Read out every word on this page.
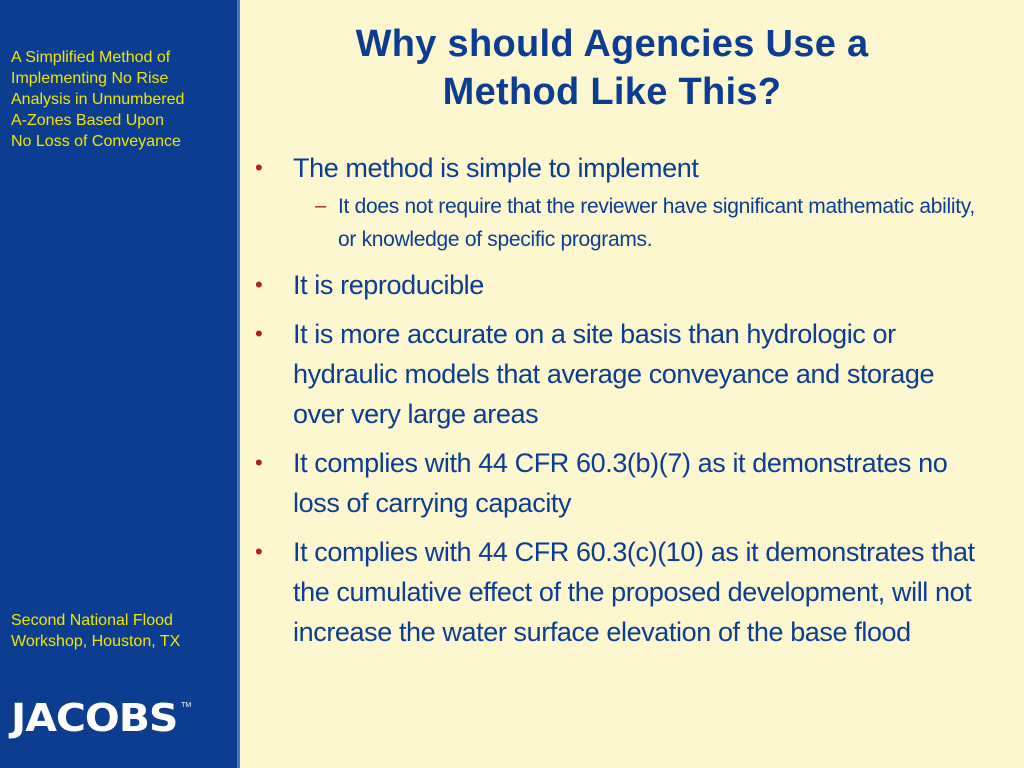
A Simplified Method of
Implementing No Rise
Analysis in Unnumbered
A-Zones Based Upon
No Loss of Conveyance
Second National Flood
Workshop, Houston, TX
JACOBS TM
Why should Agencies Use a
Method Like This?
• The method is simple to implement
– It does not require that the reviewer have significant mathematic ability, or knowledge of specific programs.
• It is reproducible
• It is more accurate on a site basis than hydrologic or hydraulic models that average conveyance and storage over very large areas
• It complies with 44 CFR 60.3(b)(7) as it demonstrates no loss of carrying capacity
• It complies with 44 CFR 60.3(c)(10) as it demonstrates that the cumulative effect of the proposed development, will not increase the water surface elevation of the base flood
